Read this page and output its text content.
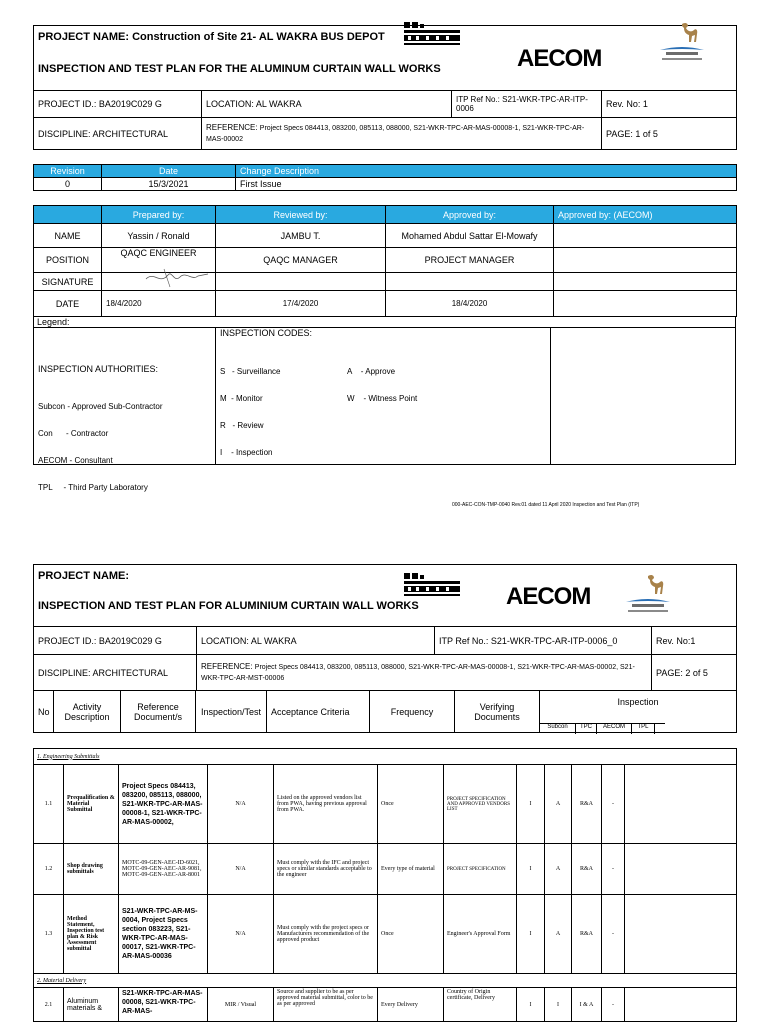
PROJECT NAME: Construction of Site 21- AL WAKRA BUS DEPOT			
INSPECTION AND TEST PLAN FOR THE ALUMINUM CURTAIN WALL WORKS			
PROJECT ID.: BA2019C029 G	LOCATION: AL WAKRA	ITP Ref No.: S21-WKR-TPC-AR-ITP-0006	Rev. No: 1
DISCIPLINE: ARCHITECTURAL	REFERENCE: Project Specs 084413, 083200, 085113, 088000, S21-WKR-TPC-AR-MAS-00008-1, S21-WKR-TPC-AR-MAS-00002		PAGE: 1 of 5
AECOM
Revision	Date	Change Description
0	15/3/2021	First Issue
	Prepared by:	Reviewed by:	Approved by:	Approved by: (AECOM)
NAME	Yassin / Ronald	JAMBU T.	Mohamed Abdul Sattar El-Mowafy	
POSITION	QAQC ENGINEER	QAQC MANAGER	PROJECT MANAGER	
SIGNATURE	

DATE	18/4/2020	17/4/2020	18/4/2020	
Legend:
INSPECTION AUTHORITIES:

Subcon - Approved Sub-Contractor

Con      - Contractor

AECOM - Consultant

TPL     - Third Party Laboratory

INSPECTION CODES:

S   - Surveillance

M  - Monitor

R   - Review

I    - Inspection

A    - Approve

W    - Witness Point

000-AEC-CON-TMP-0040 Rev.01 dated 11 April 2020 Inspection and Test Plan (ITP)
PROJECT NAME:			
INSPECTION AND TEST PLAN FOR ALUMINIUM CURTAIN WALL WORKS			
PROJECT ID.: BA2019C029 G	LOCATION: AL WAKRA	ITP Ref No.: S21-WKR-TPC-AR-ITP-0006_0	Rev. No:1
DISCIPLINE: ARCHITECTURAL	REFERENCE: Project Specs 084413, 083200, 085113, 088000, S21-WKR-TPC-AR-MAS-00008-1, S21-WKR-TPC-AR-MAS-00002, S21-WKR-TPC-AR-MST-00006		PAGE: 2 of 5
AECOM
No	Activity Description	Reference Document/s	Inspection/Test	Acceptance Criteria	Frequency	Verifying Documents	Inspection

Subcon	TPC	AECOM	TPL
1. Engineering Submittals											
1.1	Prequalification & Material Submittal	Project Specs 084413, 083200, 085113, 088000, S21-WKR-TPC-AR-MAS-00008-1, S21-WKR-TPC-AR-MAS-00002,	N/A	Listed on the approved vendors list from PWA, having previous approval from PWA.	Once	PROJECT SPECIFICATION AND APPROVED VENDORS LIST	I	A	R&A	-	
1.2	Shop drawing submittals	MOTC-09-GEN-AEC-ID-6021, MOTC-09-GEN-AEC-AR-9081, MOTC-09-GEN-AEC-AR-8001	N/A	Must comply with the IFC and project specs or similar standards acceptable to the engineer	Every type of material	PROJECT SPECIFICATION	I	A	R&A	-	
1.3	Method Statement, Inspection test plan & Risk Assessment submittal	S21-WKR-TPC-AR-MS-0004, Project Specs section 083223, S21-WKR-TPC-AR-MAS-00017, S21-WKR-TPC-AR-MAS-00036	N/A	Must comply with the project specs or Manufacturers recommendation of the approved product	Once	Engineer's Approval Form	I	A	R&A	-	
2. Material Delivery											
2.1	Aluminum materials &	S21-WKR-TPC-AR-MAS-00008, S21-WKR-TPC-AR-MAS-	MIR / Visual	Source and supplier to be as per approved material submittal, color to be as per approved	Every Delivery	Country of Origin certificate, Delivery	I	I	I & A	-	
